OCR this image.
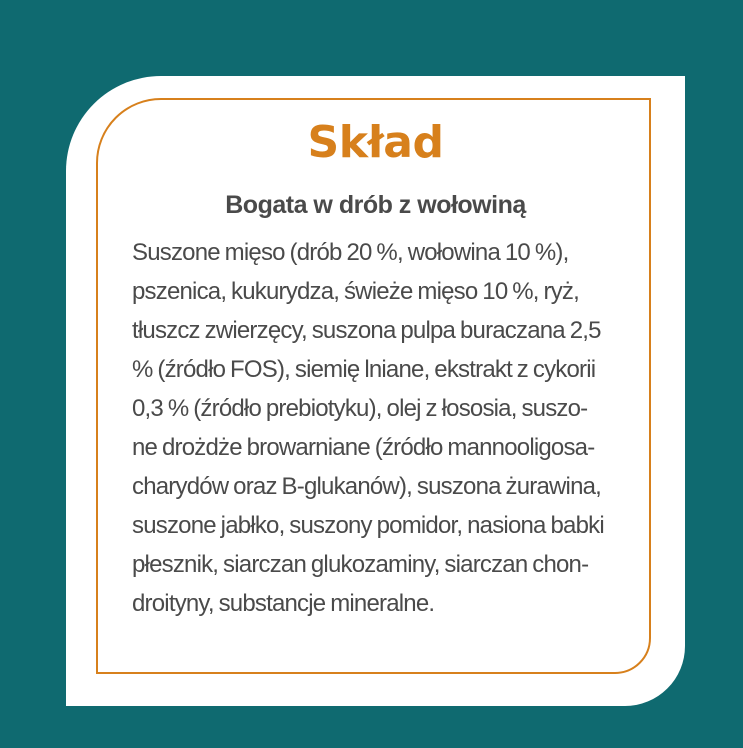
Skład
Bogata w drób z wołowiną
Suszone mięso (drób 20 %, wołowina 10 %),
pszenica, kukurydza, świeże mięso 10 %, ryż,
tłuszcz zwierzęcy, suszona pulpa buraczana 2,5
% (źródło FOS), siemię lniane, ekstrakt z cykorii
0,3 % (źródło prebiotyku), olej z łososia, suszo-
ne drożdże browarniane (źródło mannooligosa-
charydów oraz B-glukanów), suszona żurawina,
suszone jabłko, suszony pomidor, nasiona babki
płesznik, siarczan glukozaminy, siarczan chon-
droityny, substancje mineralne.
